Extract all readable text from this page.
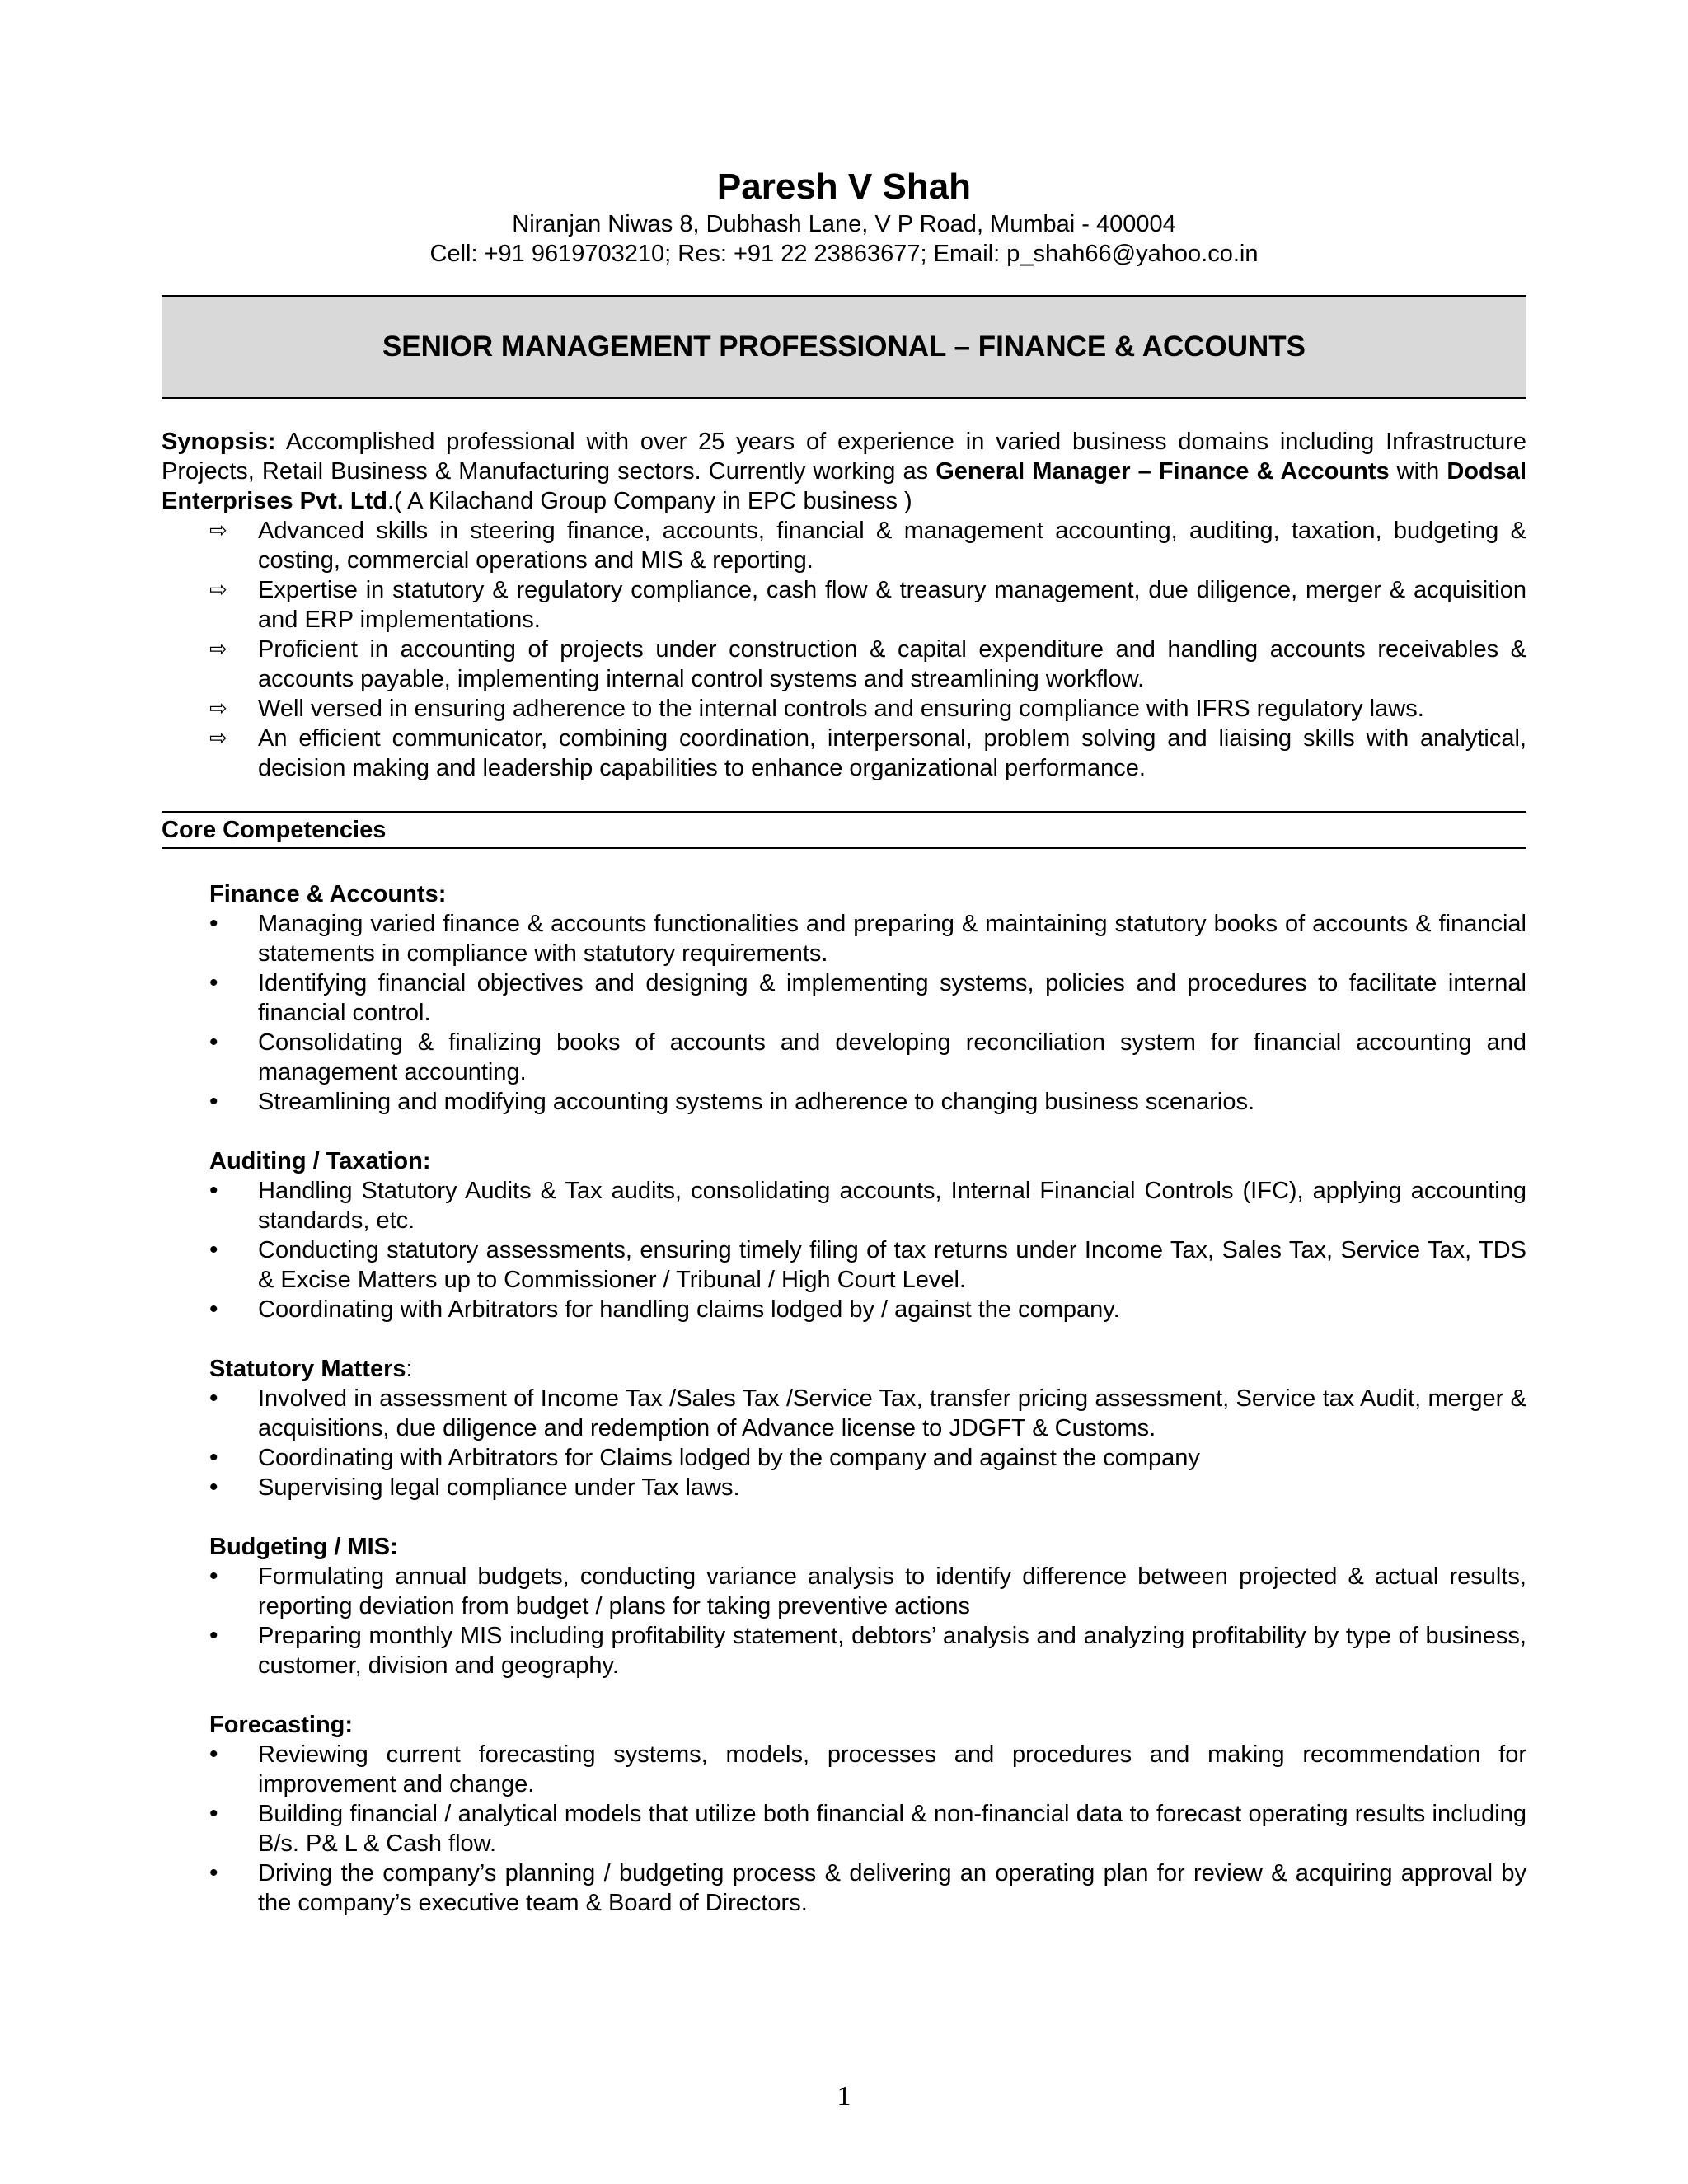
Paresh V Shah
Niranjan Niwas 8, Dubhash Lane, V P Road, Mumbai - 400004
Cell: +91 9619703210; Res: +91 22 23863677; Email: p_shah66@yahoo.co.in
SENIOR MANAGEMENT PROFESSIONAL – FINANCE & ACCOUNTS
Synopsis: Accomplished professional with over 25 years of experience in varied business domains including Infrastructure Projects, Retail Business & Manufacturing sectors. Currently working as General Manager – Finance & Accounts with Dodsal Enterprises Pvt. Ltd.( A Kilachand Group Company in EPC business )
⇨ Advanced skills in steering finance, accounts, financial & management accounting, auditing, taxation, budgeting & costing, commercial operations and MIS & reporting.
⇨ Expertise in statutory & regulatory compliance, cash flow & treasury management, due diligence, merger & acquisition and ERP implementations.
⇨ Proficient in accounting of projects under construction & capital expenditure and handling accounts receivables & accounts payable, implementing internal control systems and streamlining workflow.
⇨ Well versed in ensuring adherence to the internal controls and ensuring compliance with IFRS regulatory laws.
⇨ An efficient communicator, combining coordination, interpersonal, problem solving and liaising skills with analytical, decision making and leadership capabilities to enhance organizational performance.
Core Competencies
Finance & Accounts:
• Managing varied finance & accounts functionalities and preparing & maintaining statutory books of accounts & financial statements in compliance with statutory requirements.
• Identifying financial objectives and designing & implementing systems, policies and procedures to facilitate internal financial control.
• Consolidating & finalizing books of accounts and developing reconciliation system for financial accounting and management accounting.
• Streamlining and modifying accounting systems in adherence to changing business scenarios.
Auditing / Taxation:
• Handling Statutory Audits & Tax audits, consolidating accounts, Internal Financial Controls (IFC), applying accounting standards, etc.
• Conducting statutory assessments, ensuring timely filing of tax returns under Income Tax, Sales Tax, Service Tax, TDS & Excise Matters up to Commissioner / Tribunal / High Court Level.
• Coordinating with Arbitrators for handling claims lodged by / against the company.
Statutory Matters:
• Involved in assessment of Income Tax /Sales Tax /Service Tax, transfer pricing assessment, Service tax Audit, merger & acquisitions, due diligence and redemption of Advance license to JDGFT & Customs.
• Coordinating with Arbitrators for Claims lodged by the company and against the company
• Supervising legal compliance under Tax laws.
Budgeting / MIS:
• Formulating annual budgets, conducting variance analysis to identify difference between projected & actual results, reporting deviation from budget / plans for taking preventive actions
• Preparing monthly MIS including profitability statement, debtors’ analysis and analyzing profitability by type of business, customer, division and geography.
Forecasting:
• Reviewing current forecasting systems, models, processes and procedures and making recommendation for improvement and change.
• Building financial / analytical models that utilize both financial & non-financial data to forecast operating results including B/s. P& L & Cash flow.
• Driving the company’s planning / budgeting process & delivering an operating plan for review & acquiring approval by the company’s executive team & Board of Directors.
1
